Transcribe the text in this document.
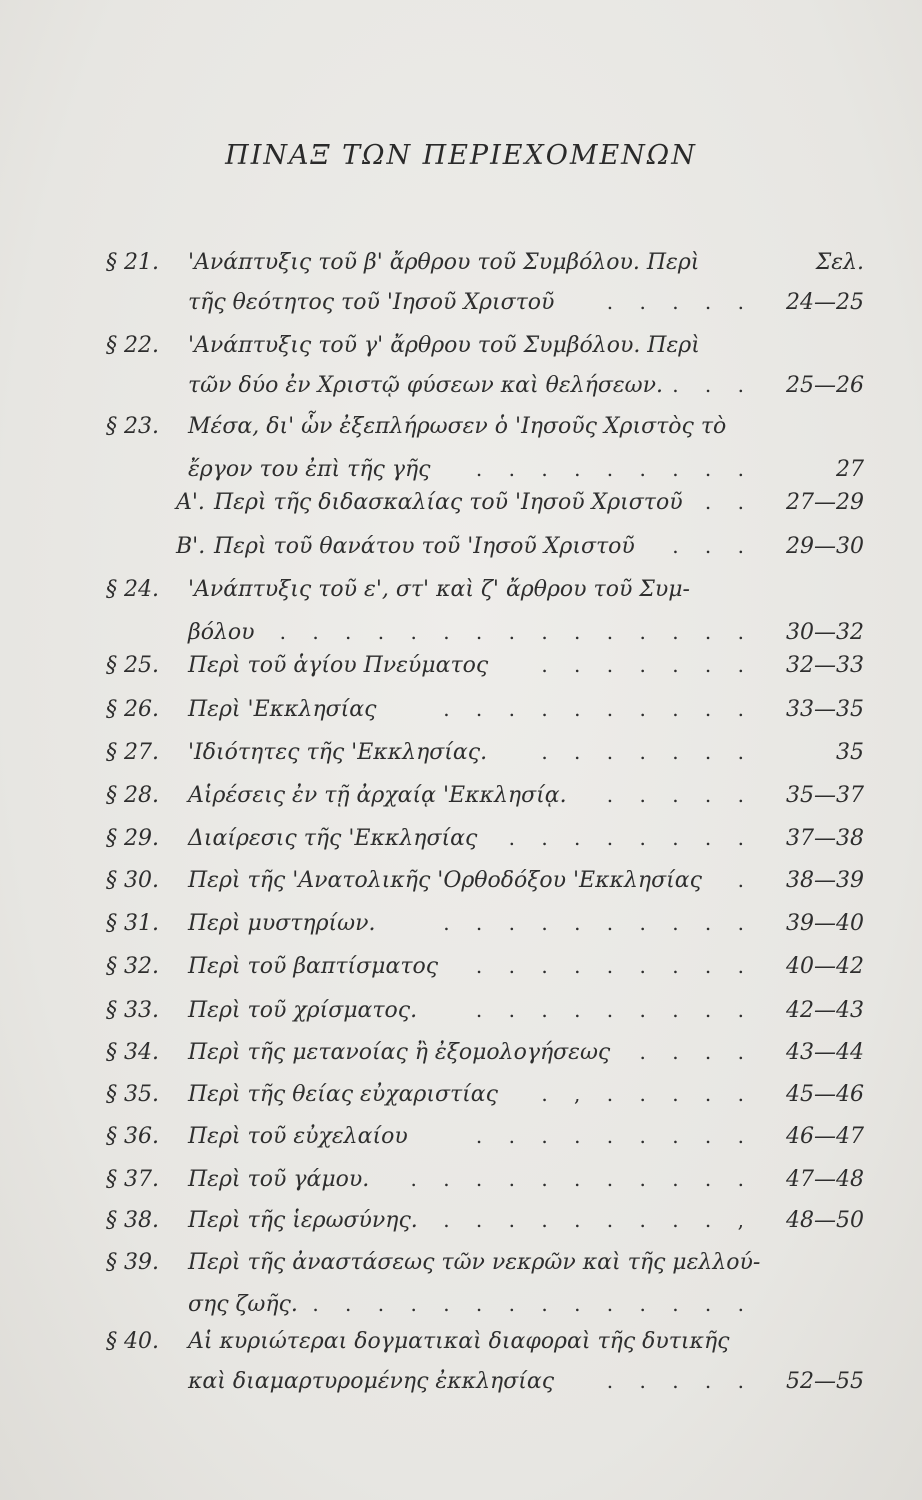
ΠΙΝΑΞ ΤΩΝ ΠΕΡΙΕΧΟΜΕΝΩΝ
Σελ.
§ 21. 'Ανάπτυξις τοῦ β' ἄρθρου τοῦ Συμβόλου. Περὶ
τῆς θεότητος τοῦ 'Ιησοῦ Χριστοῦ	. . . . . 24—25
§ 22. 'Ανάπτυξις τοῦ γ' ἄρθρου τοῦ Συμβόλου. Περὶ
τῶν δύο ἐν Χριστῷ φύσεων καὶ θελήσεων. . . . 25—26
§ 23. Μέσα, δι' ὧν ἐξεπλήρωσεν ὁ 'Ιησοῦς Χριστὸς τὸ
ἔργον του ἐπὶ τῆς γῆς . . . . . . . . .	27
Α'. Περὶ τῆς διδασκαλίας τοῦ 'Ιησοῦ Χριστοῦ . . 27—29
Β'. Περὶ τοῦ θανάτου τοῦ 'Ιησοῦ Χριστοῦ . . . 29—30
§ 24. 'Ανάπτυξις τοῦ ε', στ' καὶ ζ' ἄρθρου τοῦ Συμ-
βόλου . . . . . . . . . . . . . . . 30—32
§ 25. Περὶ τοῦ ἁγίου Πνεύματος	. . . . . . . 32—33
§ 26. Περὶ 'Εκκλησίας	. . . . . . . . . . 33—35
§ 27. 'Ιδιότητες τῆς 'Εκκλησίας.	. . . . . . .	35
§ 28. Αἱρέσεις ἐν τῇ ἀρχαίᾳ 'Εκκλησίᾳ. . . . . . 35—37
§ 29. Διαίρεσις τῆς 'Εκκλησίας . . . . . . . . 37—38
§ 30. Περὶ τῆς 'Ανατολικῆς 'Ορθοδόξου 'Εκκλησίας . 38—39
§ 31. Περὶ μυστηρίων.	. . . . . . . . . . 39—40
§ 32. Περὶ τοῦ βαπτίσματος . . . . . . . . . 40—42
§ 33. Περὶ τοῦ χρίσματος.	. . . . . . . . . 42—43
§ 34. Περὶ τῆς μετανοίας ἢ ἐξομολογήσεως . . . . 43—44
§ 35. Περὶ τῆς θείας εὐχαριστίας . , . . . . . 45—46
§ 36. Περὶ τοῦ εὐχελαίου	. . . . . . . . . 46—47
§ 37. Περὶ τοῦ γάμου. . . . . . . . . . . . 47—48
§ 38. Περὶ τῆς ἱερωσύνης. . . . . . . . . . , 48—50
§ 39. Περὶ τῆς ἀναστάσεως τῶν νεκρῶν καὶ τῆς μελλού-
σης ζωῆς. . . . . . . . . . . . . . .
§ 40. Αἱ κυριώτεραι δογματικαὶ διαφοραὶ τῆς δυτικῆς
καὶ διαμαρτυρομένης ἐκκλησίας	. . . . . 52—55
